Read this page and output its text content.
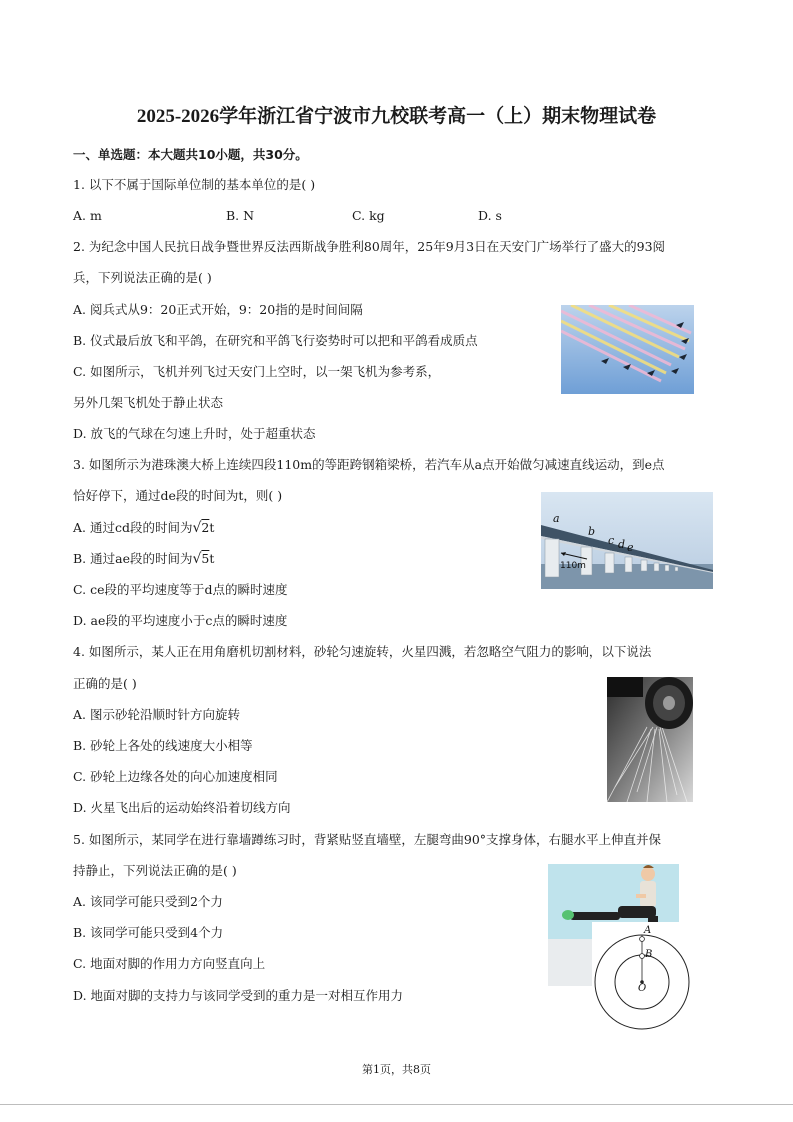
2025-2026学年浙江省宁波市九校联考高一（上）期末物理试卷
一、单选题：本大题共10小题，共30分。
1. 以下不属于国际单位制的基本单位的是( )
A. m	B. N	C. kg	D. s
2. 为纪念中国人民抗日战争暨世界反法西斯战争胜利80周年，25年9月3日在天安门广场举行了盛大的93阅
兵，下列说法正确的是( )
A. 阅兵式从9：20正式开始，9：20指的是时间间隔
B. 仪式最后放飞和平鸽，在研究和平鸽飞行姿势时可以把和平鸽看成质点
C. 如图所示，飞机并列飞过天安门上空时，以一架飞机为参考系，
另外几架飞机处于静止状态
D. 放飞的气球在匀速上升时，处于超重状态
3. 如图所示为港珠澳大桥上连续四段110m的等距跨钢箱梁桥，若汽车从a点开始做匀减速直线运动，到e点
恰好停下，通过de段的时间为t，则( )
A. 通过cd段的时间为√2t
B. 通过ae段的时间为√5t
C. ce段的平均速度等于d点的瞬时速度
D. ae段的平均速度小于c点的瞬时速度
a
b
c d e
110m
4. 如图所示，某人正在用角磨机切割材料，砂轮匀速旋转，火星四溅，若忽略空气阻力的影响，以下说法
正确的是( )
A. 图示砂轮沿顺时针方向旋转
B. 砂轮上各处的线速度大小相等
C. 砂轮上边缘各处的向心加速度相同
D. 火星飞出后的运动始终沿着切线方向
5. 如图所示，某同学在进行靠墙蹲练习时，背紧贴竖直墙壁，左腿弯曲90°支撑身体，右腿水平上伸直并保
持静止，下列说法正确的是( )
A. 该同学可能只受到2个力
B. 该同学可能只受到4个力
C. 地面对脚的作用力方向竖直向上
D. 地面对脚的支持力与该同学受到的重力是一对相互作用力
A
B
O
第1页，共8页
